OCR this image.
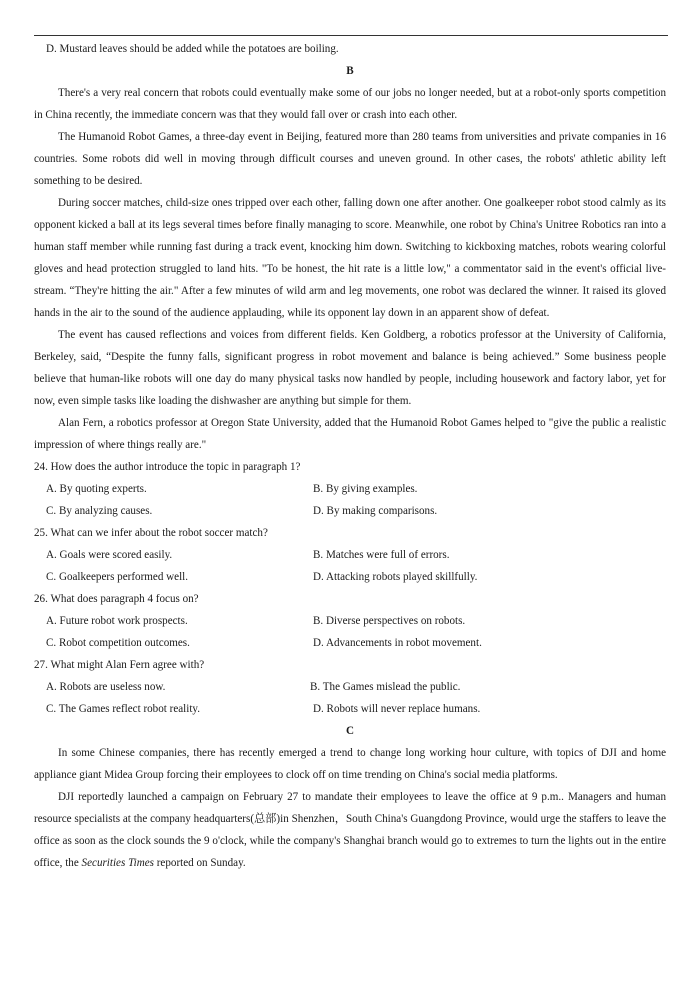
D. Mustard leaves should be added while the potatoes are boiling.

B

There's a very real concern that robots could eventually make some of our jobs no longer needed, but at a robot-only sports competition in China recently, the immediate concern was that they would fall over or crash into each other.

The Humanoid Robot Games, a three-day event in Beijing, featured more than 280 teams from universities and private companies in 16 countries. Some robots did well in moving through difficult courses and uneven ground. In other cases, the robots' athletic ability left something to be desired.

During soccer matches, child-size ones tripped over each other, falling down one after another. One goalkeeper robot stood calmly as its opponent kicked a ball at its legs several times before finally managing to score. Meanwhile, one robot by China's Unitree Robotics ran into a human staff member while running fast during a track event, knocking him down. Switching to kickboxing matches, robots wearing colorful gloves and head protection struggled to land hits. "To be honest, the hit rate is a little low," a commentator said in the event's official live-stream. “They're hitting the air." After a few minutes of wild arm and leg movements, one robot was declared the winner. It raised its gloved hands in the air to the sound of the audience applauding, while its opponent lay down in an apparent show of defeat.

The event has caused reflections and voices from different fields. Ken Goldberg, a robotics professor at the University of California, Berkeley, said, “Despite the funny falls, significant progress in robot movement and balance is being achieved.” Some business people believe that human-like robots will one day do many physical tasks now handled by people, including housework and factory labor, yet for now, even simple tasks like loading the dishwasher are anything but simple for them.

Alan Fern, a robotics professor at Oregon State University, added that the Humanoid Robot Games helped to "give the public a realistic impression of where things really are."

24. How does the author introduce the topic in paragraph 1?

A. By quoting experts.	B. By giving examples.
C. By analyzing causes.	D. By making comparisons.

25. What can we infer about the robot soccer match?

A. Goals were scored easily.	B. Matches were full of errors.
C. Goalkeepers performed well.	D. Attacking robots played skillfully.

26. What does paragraph 4 focus on?

A. Future robot work prospects.	B. Diverse perspectives on robots.
C. Robot competition outcomes.	D. Advancements in robot movement.

27. What might Alan Fern agree with?

A. Robots are useless now.	B. The Games mislead the public.
C. The Games reflect robot reality.	D. Robots will never replace humans.

C

In some Chinese companies, there has recently emerged a trend to change long working hour culture, with topics of DJI and home appliance giant Midea Group forcing their employees to clock off on time trending on China's social media platforms.

DJI reportedly launched a campaign on February 27 to mandate their employees to leave the office at 9 p.m.. Managers and human resource specialists at the company headquarters(总部)in Shenzhen，South China's Guangdong Province, would urge the staffers to leave the office as soon as the clock sounds the 9 o'clock, while the company's Shanghai branch would go to extremes to turn the lights out in the entire office, the Securities Times reported on Sunday.
